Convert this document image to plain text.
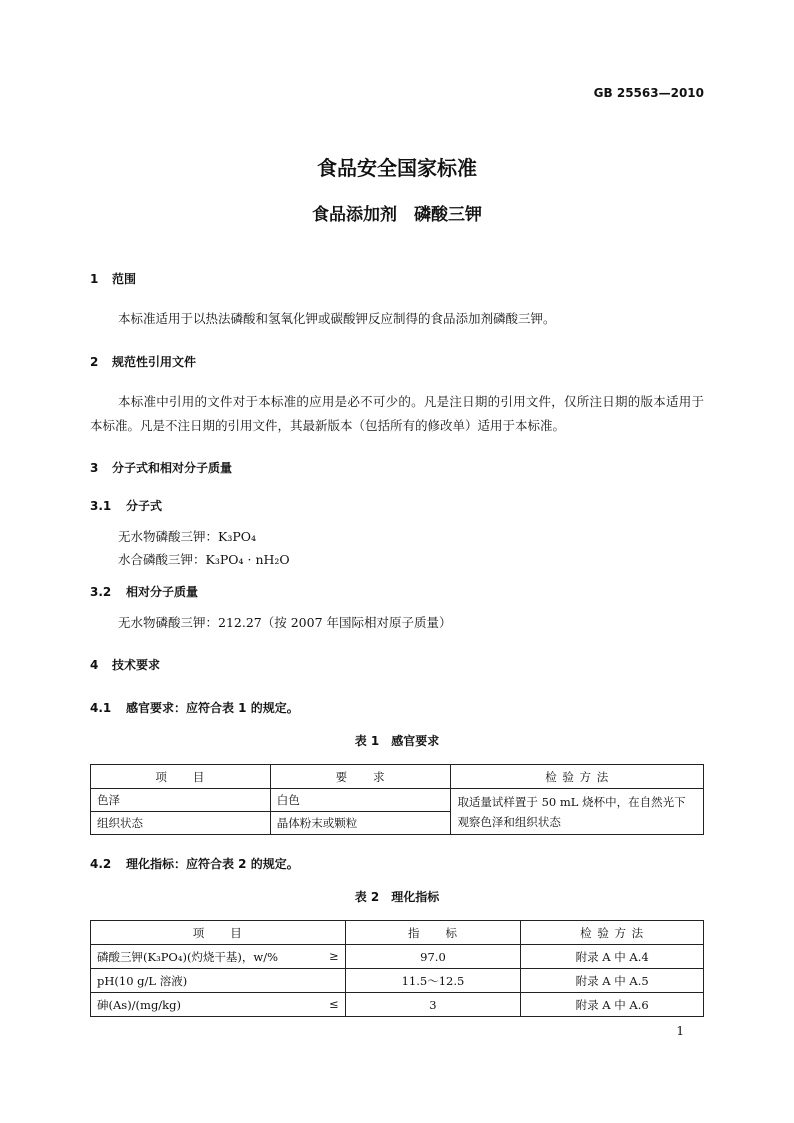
GB 25563—2010
食品安全国家标准
食品添加剂　磷酸三钾
1 范围
本标准适用于以热法磷酸和氢氧化钾或碳酸钾反应制得的食品添加剂磷酸三钾。
2 规范性引用文件
本标准中引用的文件对于本标准的应用是必不可少的。凡是注日期的引用文件，仅所注日期的版本适用于本标准。凡是不注日期的引用文件，其最新版本（包括所有的修改单）适用于本标准。
3 分子式和相对分子质量
3.1 分子式
无水物磷酸三钾：K₃PO₄
水合磷酸三钾：K₃PO₄ · nH₂O
3.2 相对分子质量
无水物磷酸三钾：212.27（按 2007 年国际相对原子质量）
4 技术要求
4.1 感官要求：应符合表 1 的规定。
表 1　感官要求
项　　目	要　　求	检 验 方 法
色泽	白色	取适量试样置于 50 mL 烧杯中，在自然光下观察色泽和组织状态
组织状态	晶体粉末或颗粒	
4.2 理化指标：应符合表 2 的规定。
表 2　理化指标
项　　目	指　　标	检 验 方 法
磷酸三钾(K₃PO₄)(灼烧干基)，w/% ≥	97.0	附录 A 中 A.4
pH(10 g/L 溶液)	11.5～12.5	附录 A 中 A.5
砷(As)/(mg/kg) ≤	3	附录 A 中 A.6
1
